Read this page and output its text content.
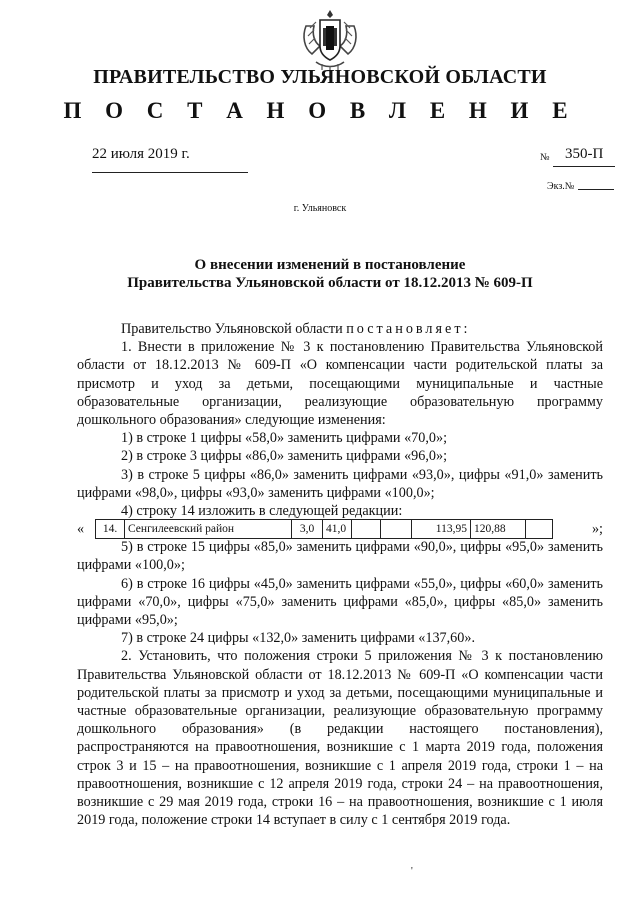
ПРАВИТЕЛЬСТВО УЛЬЯНОВСКОЙ ОБЛАСТИ
П О С Т А Н О В Л Е Н И Е
22 июля 2019 г.	№ 350-П
Экз.№
г. Ульяновск
О внесении изменений в постановление
Правительства Ульяновской области от 18.12.2013 № 609-П

Правительство Ульяновской области постановляет:

1. Внести в приложение № 3 к постановлению Правительства Ульяновской области от 18.12.2013 № 609-П «О компенсации части родительской платы за присмотр и уход за детьми, посещающими муниципальные и частные образовательные организации, реализующие образовательную программу дошкольного образования» следующие изменения:

1) в строке 1 цифры «58,0» заменить цифрами «70,0»;

2) в строке 3 цифры «86,0» заменить цифрами «96,0»;

3) в строке 5 цифры «86,0» заменить цифрами «93,0», цифры «91,0» заменить цифрами «98,0», цифры «93,0» заменить цифрами «100,0»;

4) строку 14 изложить в следующей редакции:

«	14.	Сенгилеевский район	3,0	41,0			113,95	120,88		»;

5) в строке 15 цифры «85,0» заменить цифрами «90,0», цифры «95,0» заменить цифрами «100,0»;

6) в строке 16 цифры «45,0» заменить цифрами «55,0», цифры «60,0» заменить цифрами «70,0», цифры «75,0» заменить цифрами «85,0», цифры «85,0» заменить цифрами «95,0»;

7) в строке 24 цифры «132,0» заменить цифрами «137,60».

2. Установить, что положения строки 5 приложения № 3 к постановлению Правительства Ульяновской области от 18.12.2013 № 609-П «О компенсации части родительской платы за присмотр и уход за детьми, посещающими муниципальные и частные образовательные организации, реализующие образовательную программу дошкольного образования» (в редакции настоящего постановления), распространяются на правоотношения, возникшие с 1 марта 2019 года, положения строк 3 и 15 – на правоотношения, возникшие с 1 апреля 2019 года, строки 1 – на правоотношения, возникшие с 12 апреля 2019 года, строки 24 – на правоотношения, возникшие с 29 мая 2019 года, строки 16 – на правоотношения, возникшие с 1 июля 2019 года, положение строки 14 вступает в силу с 1 сентября 2019 года.

'
